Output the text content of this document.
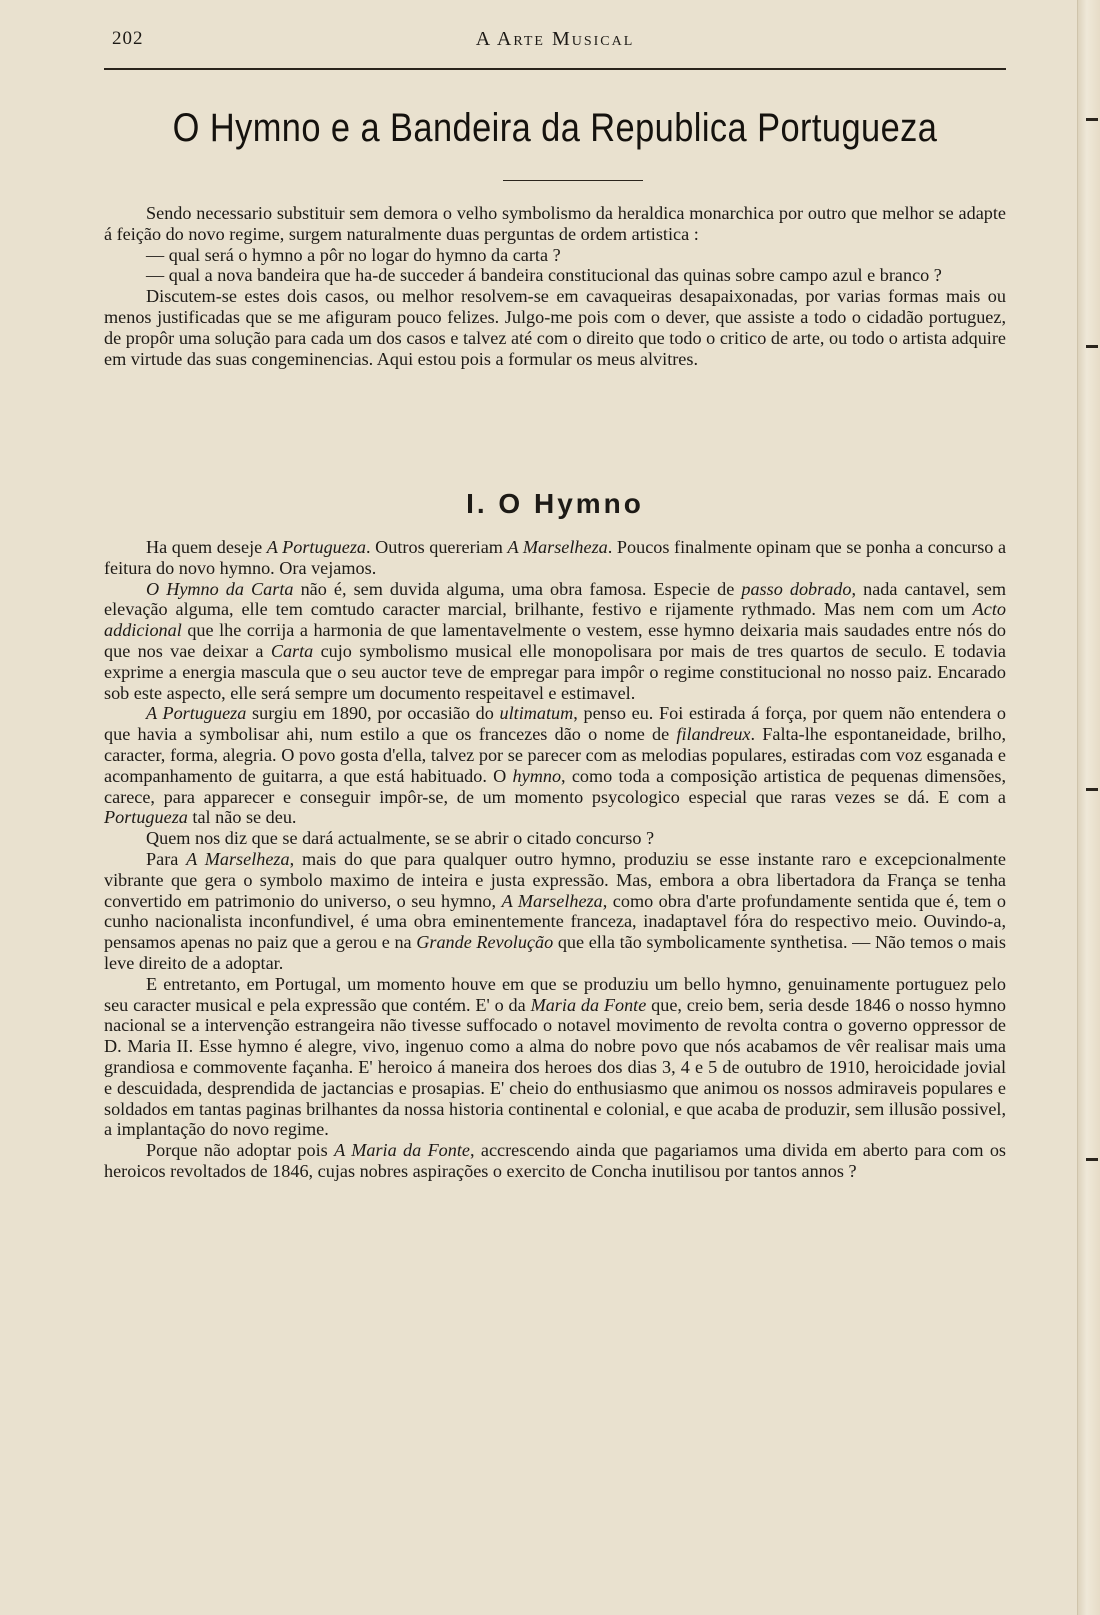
202	A Arte Musical
O Hymno e a Bandeira da Republica Portugueza

Sendo necessario substituir sem demora o velho symbolismo da heraldica monarchica por outro que melhor se adapte á feição do novo regime, surgem naturalmente duas perguntas de ordem artistica :

— qual será o hymno a pôr no logar do hymno da carta ?

— qual a nova bandeira que ha-de succeder á bandeira constitucional das quinas sobre campo azul e branco ?

Discutem-se estes dois casos, ou melhor resolvem-se em cavaqueiras desapaixonadas, por varias formas mais ou menos justificadas que se me afiguram pouco felizes. Julgo-me pois com o dever, que assiste a todo o cidadão portuguez, de propôr uma solução para cada um dos casos e talvez até com o direito que todo o critico de arte, ou todo o artista adquire em virtude das suas congeminencias. Aqui estou pois a formular os meus alvitres.

I. O Hymno

Ha quem deseje A Portugueza. Outros quereriam A Marselheza. Poucos finalmente opinam que se ponha a concurso a feitura do novo hymno. Ora vejamos.

O Hymno da Carta não é, sem duvida alguma, uma obra famosa. Especie de passo dobrado, nada cantavel, sem elevação alguma, elle tem comtudo caracter marcial, brilhante, festivo e rijamente rythmado. Mas nem com um Acto addicional que lhe corrija a harmonia de que lamentavelmente o vestem, esse hymno deixaria mais saudades entre nós do que nos vae deixar a Carta cujo symbolismo musical elle monopolisara por mais de tres quartos de seculo. E todavia exprime a energia mascula que o seu auctor teve de empregar para impôr o regime constitucional no nosso paiz. Encarado sob este aspecto, elle será sempre um documento respeitavel e estimavel.

A Portugueza surgiu em 1890, por occasião do ultimatum, penso eu. Foi estirada á força, por quem não entendera o que havia a symbolisar ahi, num estilo a que os francezes dão o nome de filandreux. Falta-lhe espontaneidade, brilho, caracter, forma, alegria. O povo gosta d'ella, talvez por se parecer com as melodias populares, estiradas com voz esganada e acompanhamento de guitarra, a que está habituado. O hymno, como toda a composição artistica de pequenas dimensões, carece, para apparecer e conseguir impôr-se, de um momento psycologico especial que raras vezes se dá. E com a Portugueza tal não se deu.

Quem nos diz que se dará actualmente, se se abrir o citado concurso ?

Para A Marselheza, mais do que para qualquer outro hymno, produziu se esse instante raro e excepcionalmente vibrante que gera o symbolo maximo de inteira e justa expressão. Mas, embora a obra libertadora da França se tenha convertido em patrimonio do universo, o seu hymno, A Marselheza, como obra d'arte profundamente sentida que é, tem o cunho nacionalista inconfundivel, é uma obra eminentemente franceza, inadaptavel fóra do respectivo meio. Ouvindo-a, pensamos apenas no paiz que a gerou e na Grande Revolução que ella tão symbolicamente synthetisa. — Não temos o mais leve direito de a adoptar.

E entretanto, em Portugal, um momento houve em que se produziu um bello hymno, genuinamente portuguez pelo seu caracter musical e pela expressão que contém. E' o da Maria da Fonte que, creio bem, seria desde 1846 o nosso hymno nacional se a intervenção estrangeira não tivesse suffocado o notavel movimento de revolta contra o governo oppressor de D. Maria II. Esse hymno é alegre, vivo, ingenuo como a alma do nobre povo que nós acabamos de vêr realisar mais uma grandiosa e commovente façanha. E' heroico á maneira dos heroes dos dias 3, 4 e 5 de outubro de 1910, heroicidade jovial e descuidada, desprendida de jactancias e prosapias. E' cheio do enthusiasmo que animou os nossos admiraveis populares e soldados em tantas paginas brilhantes da nossa historia continental e colonial, e que acaba de produzir, sem illusão possivel, a implantação do novo regime.

Porque não adoptar pois A Maria da Fonte, accrescendo ainda que pagariamos uma divida em aberto para com os heroicos revoltados de 1846, cujas nobres aspirações o exercito de Concha inutilisou por tantos annos ?
